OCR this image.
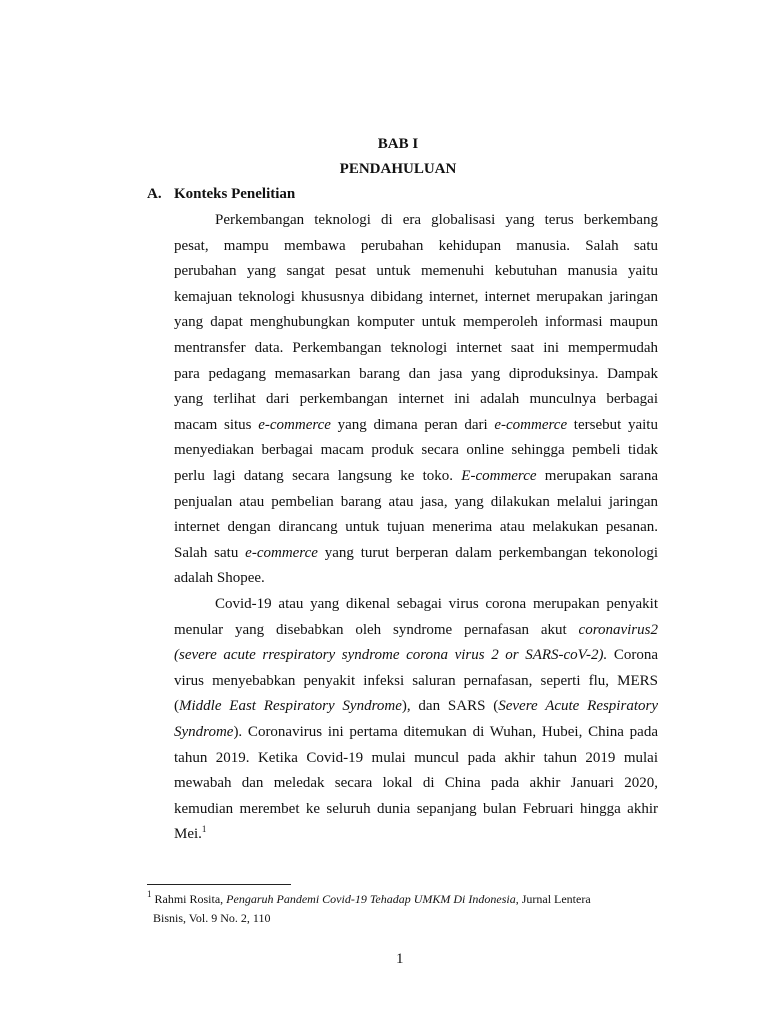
BAB I
PENDAHULUAN
A. Konteks Penelitian
Perkembangan teknologi di era globalisasi yang terus berkembang
pesat, mampu membawa perubahan kehidupan manusia. Salah satu
perubahan yang sangat pesat untuk memenuhi kebutuhan manusia yaitu
kemajuan teknologi khususnya dibidang internet, internet merupakan jaringan
yang dapat menghubungkan komputer untuk memperoleh informasi maupun
mentransfer data. Perkembangan teknologi internet saat ini mempermudah
para pedagang memasarkan barang dan jasa yang diproduksinya. Dampak
yang terlihat dari perkembangan internet ini adalah munculnya berbagai
macam situs e-commerce yang dimana peran dari e-commerce tersebut yaitu
menyediakan berbagai macam produk secara online sehingga pembeli tidak
perlu lagi datang secara langsung ke toko. E-commerce merupakan sarana
penjualan atau pembelian barang atau jasa, yang dilakukan melalui jaringan
internet dengan dirancang untuk tujuan menerima atau melakukan pesanan.
Salah satu e-commerce yang turut berperan dalam perkembangan tekonologi
adalah Shopee.
Covid-19 atau yang dikenal sebagai virus corona merupakan penyakit
menular yang disebabkan oleh syndrome pernafasan akut coronavirus2
(severe acute rrespiratory syndrome corona virus 2 or SARS-coV-2). Corona
virus menyebabkan penyakit infeksi saluran pernafasan, seperti flu, MERS
(Middle East Respiratory Syndrome), dan SARS (Severe Acute Respiratory
Syndrome). Coronavirus ini pertama ditemukan di Wuhan, Hubei, China pada
tahun 2019. Ketika Covid-19 mulai muncul pada akhir tahun 2019 mulai
mewabah dan meledak secara lokal di China pada akhir Januari 2020,
kemudian merembet ke seluruh dunia sepanjang bulan Februari hingga akhir
Mei.$^1$
$^1$ Rahmi Rosita, Pengaruh Pandemi Covid-19 Tehadap UMKM Di Indonesia, Jurnal Lentera
Bisnis, Vol. 9 No. 2, 110
1
